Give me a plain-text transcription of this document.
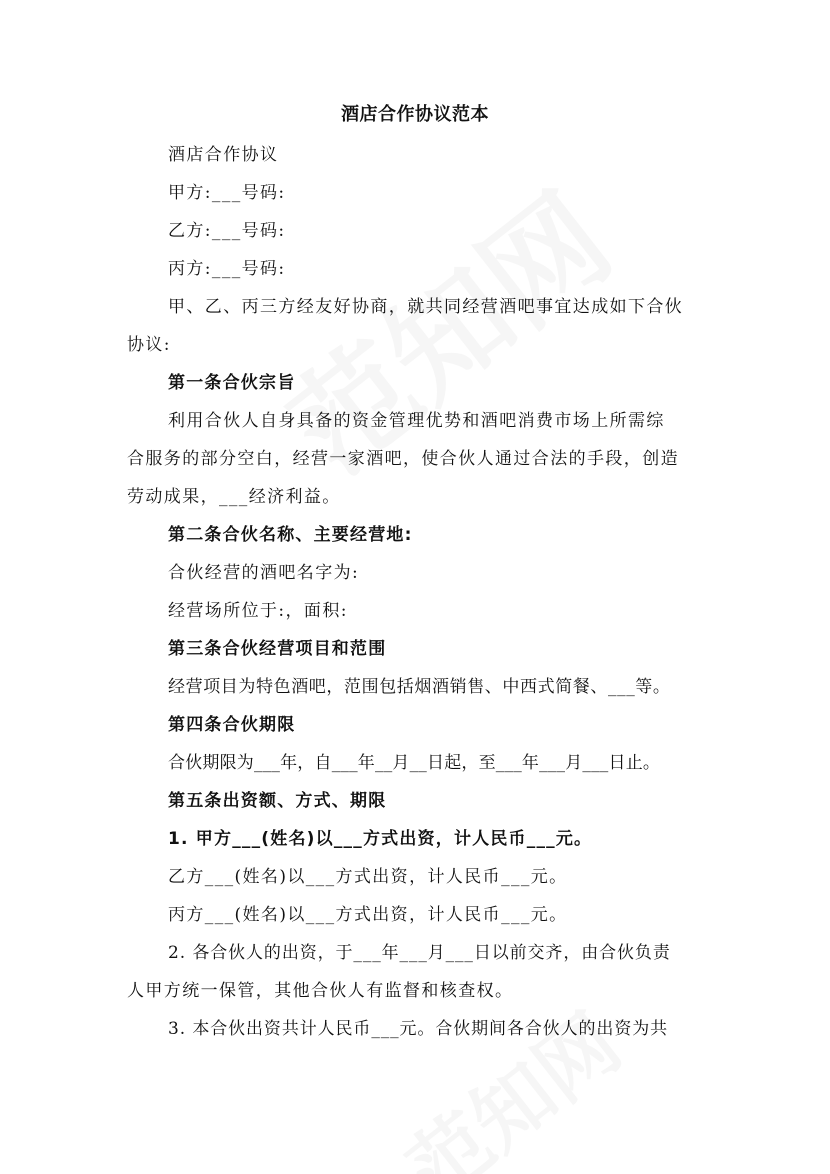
酒店合作协议范本
酒店合作协议
甲方:___号码:
乙方:___号码:
丙方:___号码:
甲、乙、丙三方经友好协商，就共同经营酒吧事宜达成如下合伙
协议:
第一条合伙宗旨
利用合伙人自身具备的资金管理优势和酒吧消费市场上所需综
合服务的部分空白，经营一家酒吧，使合伙人通过合法的手段，创造
劳动成果，___经济利益。
第二条合伙名称、主要经营地:
合伙经营的酒吧名字为:
经营场所位于:，面积:
第三条合伙经营项目和范围
经营项目为特色酒吧，范围包括烟酒销售、中西式简餐、___等。
第四条合伙期限
合伙期限为___年，自___年__月__日起，至___年___月___日止。
第五条出资额、方式、期限
1. 甲方___(姓名)以___方式出资，计人民币___元。
乙方___(姓名)以___方式出资，计人民币___元。
丙方___(姓名)以___方式出资，计人民币___元。
2. 各合伙人的出资，于___年___月___日以前交齐，由合伙负责
人甲方统一保管，其他合伙人有监督和核查权。
3. 本合伙出资共计人民币___元。合伙期间各合伙人的出资为共
